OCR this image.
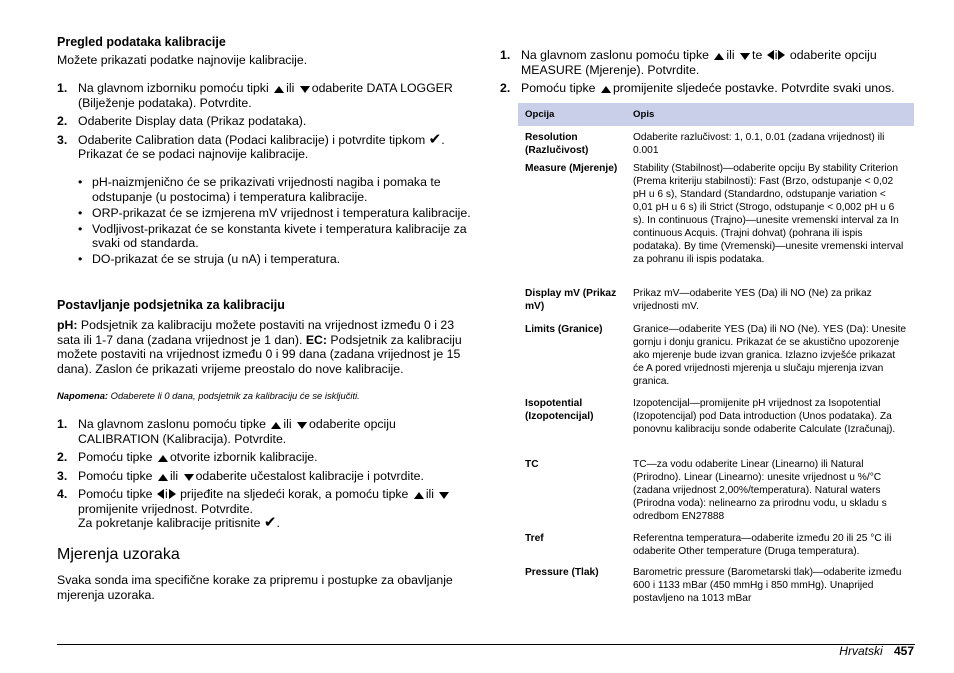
Pregled podataka kalibracije

Možete prikazati podatke najnovije kalibracije.

1. Na glavnom izborniku pomoću tipki ili odaberite DATA LOGGER (Bilježenje podataka). Potvrdite.
2. Odaberite Display data (Prikaz podataka).
3. Odaberite Calibration data (Podaci kalibracije) i potvrdite tipkom ✔. Prikazat će se podaci najnovije kalibracije.
• pH-naizmjenično će se prikazivati vrijednosti nagiba i pomaka te odstupanje (u postocima) i temperatura kalibracije.
• ORP-prikazat će se izmjerena mV vrijednost i temperatura kalibracije.
• Vodljivost-prikazat će se konstanta kivete i temperatura kalibracije za svaki od standarda.
• DO-prikazat će se struja (u nA) i temperatura.
Postavljanje podsjetnika za kalibraciju

pH: Podsjetnik za kalibraciju možete postaviti na vrijednost između 0 i 23 sata ili 1-7 dana (zadana vrijednost je 1 dan). EC: Podsjetnik za kalibraciju možete postaviti na vrijednost između 0 i 99 dana (zadana vrijednost je 15 dana). Zaslon će prikazati vrijeme preostalo do nove kalibracije.

Napomena: Odaberete li 0 dana, podsjetnik za kalibraciju će se isključiti.

1. Na glavnom zaslonu pomoću tipke ili odaberite opciju CALIBRATION (Kalibracija). Potvrdite.
2. Pomoću tipke otvorite izbornik kalibracije.
3. Pomoću tipke ili odaberite učestalost kalibracije i potvrdite.
4. Pomoću tipke i prijeđite na sljedeći korak, a pomoću tipke ili promijenite vrijednost. Potvrdite.
Za pokretanje kalibracije pritisnite ✔.
Mjerenja uzoraka

Svaka sonda ima specifične korake za pripremu i postupke za obavljanje mjerenja uzoraka.

1. Na glavnom zaslonu pomoću tipke ili te i odaberite opciju MEASURE (Mjerenje). Potvrdite.
2. Pomoću tipke promijenite sljedeće postavke. Potvrdite svaki unos.
Opcija	Opis
Resolution (Razlučivost)	Odaberite razlučivost: 1, 0.1, 0.01 (zadana vrijednost) ili 0.001
Measure (Mjerenje)	Stability (Stabilnost)—odaberite opciju By stability Criterion (Prema kriteriju stabilnosti): Fast (Brzo, odstupanje < 0,02 pH u 6 s), Standard (Standardno, odstupanje variation < 0,01 pH u 6 s) ili Strict (Strogo, odstupanje < 0,002 pH u 6 s). In continuous (Trajno)—unesite vremenski interval za In continuous Acquis. (Trajni dohvat) (pohrana ili ispis podataka). By time (Vremenski)—unesite vremenski interval za pohranu ili ispis podataka.
Display mV (Prikaz mV)	Prikaz mV—odaberite YES (Da) ili NO (Ne) za prikaz vrijednosti mV.
Limits (Granice)	Granice—odaberite YES (Da) ili NO (Ne). YES (Da): Unesite gornju i donju granicu. Prikazat će se akustično upozorenje ako mjerenje bude izvan granica. Izlazno izvješće prikazat će A pored vrijednosti mjerenja u slučaju mjerenja izvan granica.
Isopotential (Izopotencijal)	Izopotencijal—promijenite pH vrijednost za Isopotential (Izopotencijal) pod Data introduction (Unos podataka). Za ponovnu kalibraciju sonde odaberite Calculate (Izračunaj).
TC	TC—za vodu odaberite Linear (Linearno) ili Natural (Prirodno). Linear (Linearno): unesite vrijednost u %/°C (zadana vrijednost 2,00%/temperatura). Natural waters (Prirodna voda): nelinearno za prirodnu vodu, u skladu s odredbom EN27888
Tref	Referentna temperatura—odaberite između 20 ili 25 °C ili odaberite Other temperature (Druga temperatura).
Pressure (Tlak)	Barometric pressure (Barometarski tlak)—odaberite između 600 i 1133 mBar (450 mmHg i 850 mmHg). Unaprijed postavljeno na 1013 mBar
Hrvatski 457
